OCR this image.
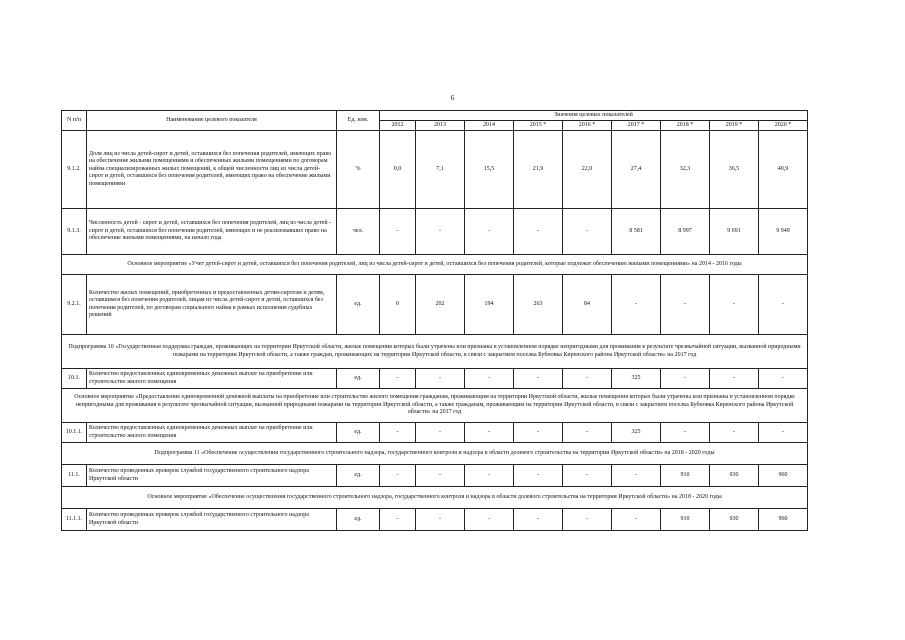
6
N п/п	Наименование целевого показателя	Ед. изм.	Значения целевых показателей								
			2012	2013	2014	2015 *	2016 *	2017 *	2018 *	2019 *	2020 *
9.1.2.	Доля лиц из числа детей-сирот и детей, оставшихся без попечения родителей, имеющих право на обеспечение жилыми помещениями и обеспеченных жилыми помещениями по договорам найма специализированных жилых помещений, к общей численности лиц из числа детей-сирот и детей, оставшихся без попечения родителей, имеющих право на обеспечение жилыми помещениями	%	0,0	7,1	15,5	21,9	22,0	27,4	32,3	36,5	40,9
9.1.3.	Численность детей - сирот и детей, оставшихся без попечения родителей, лиц из числа детей - сирот и детей, оставшихся без попечения родителей, имеющих и не реализовавших право на обеспечение жилыми помещениями, на начало года	чел.	-	-	-	-	-	8 581	8 997	9 691	9 949
Основное мероприятие «Учет детей-сирот и детей, оставшихся без попечения родителей, лиц из числа детей-сирот и детей, оставшихся без попечения родителей, которые подлежат обеспечению жилыми помещениями» на 2014 - 2016 годы											
9.2.1.	Количество жилых помещений, приобретенных и предоставленных детям-сиротам и детям, оставшимся без попечения родителей, лицам из числа детей-сирот и детей, оставшихся без попечения родителей, по договорам социального найма в рамках исполнения судебных решений	ед.	0	202	194	263	84	-	-	-	-
Подпрограмма 10 «Государственная поддержка граждан, проживающих на территории Иркутской области, жилые помещения которых были утрачены или признаны в установленном порядке непригодными для проживания в результате чрезвычайной ситуации, вызванной природными пожарами на территории Иркутской области, а также граждан, проживающих на территории Иркутской области, в связи с закрытием поселка Бубновка Киренского района Иркутской области» на 2017 год											
10.1.	Количество предоставленных единовременных денежных выплат на приобретение или строительство жилого помещения	ед.	-	-	-	-	-	325	-	-	-
Основное мероприятие «Предоставление единовременной денежной выплаты на приобретение или строительство жилого помещения гражданам, проживающим на территории Иркутской области, жилые помещения которых были утрачены или признаны в установленном порядке непригодными для проживания в результате чрезвычайной ситуации, вызванной природными пожарами на территории Иркутской области, а также гражданам, проживающим на территории Иркутской области, в связи с закрытием поселка Бубновка Киренского района Иркутской области» на 2017 год											
10.1.1.	Количество предоставленных единовременных денежных выплат на приобретение или строительство жилого помещения	ед.	-	-	-	-	-	325	-	-	-
Подпрограмма 11 «Обеспечение осуществления государственного строительного надзора, государственного контроля и надзора в области долевого строительства на территории Иркутской области» на 2018 - 2020 годы											
11.1.	Количество проведенных проверок службой государственного строительного надзора Иркутской области	ед.	-	-	-	-	-	-	910	930	960
Основное мероприятие «Обеспечение осуществления государственного строительного надзора, государственного контроля и надзора в области долевого строительства на территории Иркутской области» на 2018 - 2020 годы											
11.1.1.	Количество проведенных проверок службой государственного строительного надзора Иркутской области	ед.	-	-	-	-	-	-	910	930	960
